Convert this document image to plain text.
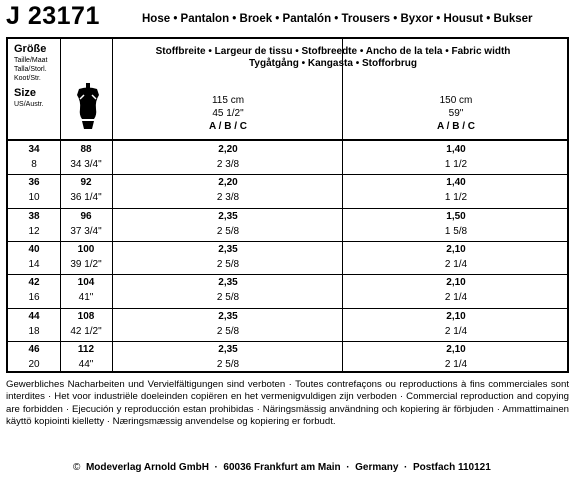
J 23171	Hose • Pantalon • Broek • Pantalón • Trousers • Byxor • Housut • Bukser
Größe
Taille/Maat
Talla/Storl.
Koot/Str.
Size
US/Austr.
Stoffbreite • Largeur de tissu • Stofbreedte • Ancho de la tela • Fabric width
Tygåtgång • Kangasta • Stofforbrug
115 cm
45 1/2"
A / B / C
150 cm
59"
A / B / C
34
8
88
34 3/4"
2,20
2 3/8
1,40
1 1/2
36
10
92
36 1/4"
2,20
2 3/8
1,40
1 1/2
38
12
96
37 3/4"
2,35
2 5/8
1,50
1 5/8
40
14
100
39 1/2"
2,35
2 5/8
2,10
2 1/4
42
16
104
41"
2,35
2 5/8
2,10
2 1/4
44
18
108
42 1/2"
2,35
2 5/8
2,10
2 1/4
46
20
112
44"
2,35
2 5/8
2,10
2 1/4
Gewerbliches Nacharbeiten und Vervielfältigungen sind verboten · Toutes contrefaçons ou reproductions à fins commerciales sont interdites · Het voor industriële doeleinden copiëren en het vermenigvuldigen zijn verboden · Commercial reproduction and copying are forbidden · Ejecución y reproducción estan prohibidas · Näringsmässig användning och kopiering är förbjuden · Ammattimainen käyttö kopiointi kielletty · Næringsmæssig anvendelse og kopiering er forbudt.
© Modeverlag Arnold GmbH · 60036 Frankfurt am Main · Germany · Postfach 110121
